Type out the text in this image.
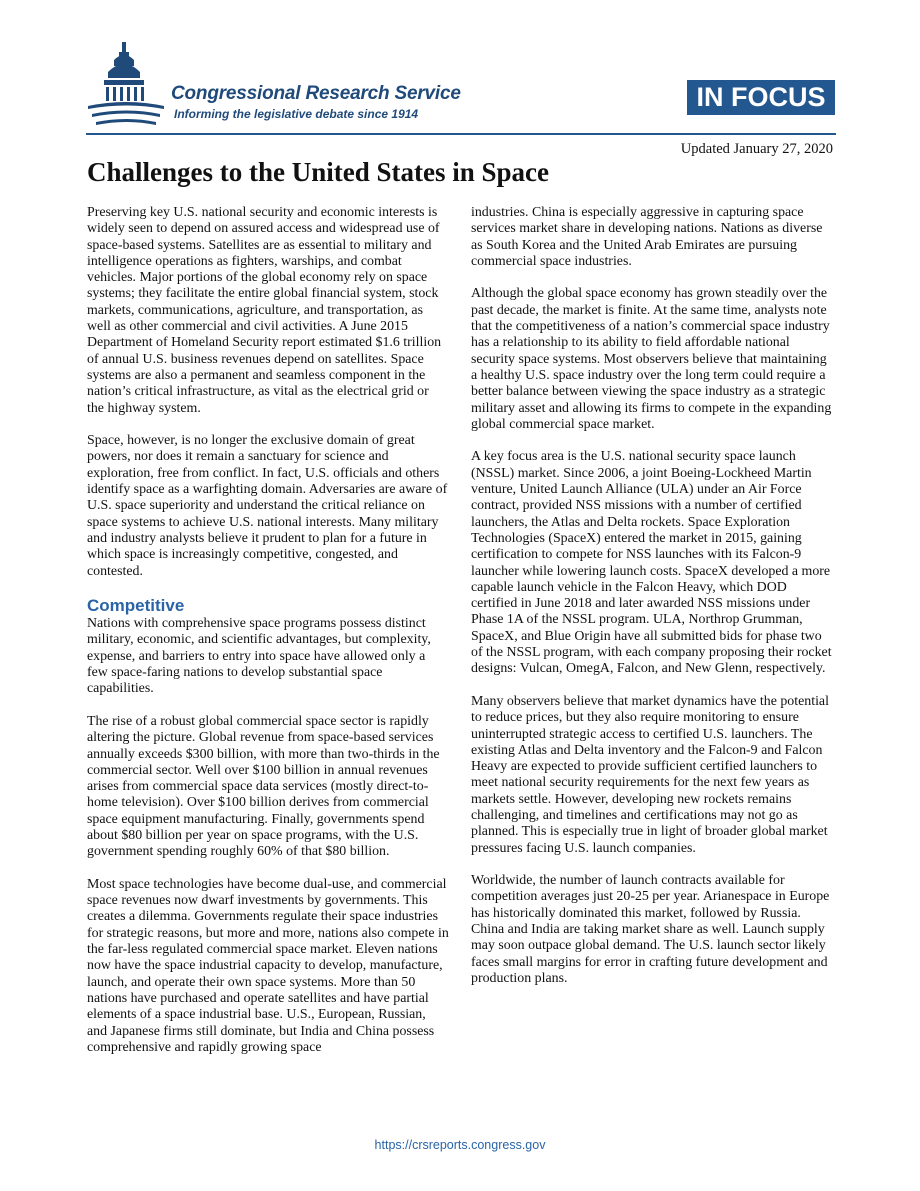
Congressional Research Service
Informing the legislative debate since 1914
IN FOCUS
Updated January 27, 2020
Challenges to the United States in Space

Preserving key U.S. national security and economic interests is widely seen to depend on assured access and widespread use of space-based systems. Satellites are as essential to military and intelligence operations as fighters, warships, and combat vehicles. Major portions of the global economy rely on space systems; they facilitate the entire global financial system, stock markets, communications, agriculture, and transportation, as well as other commercial and civil activities. A June 2015 Department of Homeland Security report estimated $1.6 trillion of annual U.S. business revenues depend on satellites. Space systems are also a permanent and seamless component in the nation’s critical infrastructure, as vital as the electrical grid or the highway system.

Space, however, is no longer the exclusive domain of great powers, nor does it remain a sanctuary for science and exploration, free from conflict. In fact, U.S. officials and others identify space as a warfighting domain. Adversaries are aware of U.S. space superiority and understand the critical reliance on space systems to achieve U.S. national interests. Many military and industry analysts believe it prudent to plan for a future in which space is increasingly competitive, congested, and contested.

Competitive

Nations with comprehensive space programs possess distinct military, economic, and scientific advantages, but complexity, expense, and barriers to entry into space have allowed only a few space-faring nations to develop substantial space capabilities.

The rise of a robust global commercial space sector is rapidly altering the picture. Global revenue from space-based services annually exceeds $300 billion, with more than two-thirds in the commercial sector. Well over $100 billion in annual revenues arises from commercial space data services (mostly direct-to-home television). Over $100 billion derives from commercial space equipment manufacturing. Finally, governments spend about $80 billion per year on space programs, with the U.S. government spending roughly 60% of that $80 billion.

Most space technologies have become dual-use, and commercial space revenues now dwarf investments by governments. This creates a dilemma. Governments regulate their space industries for strategic reasons, but more and more, nations also compete in the far-less regulated commercial space market. Eleven nations now have the space industrial capacity to develop, manufacture, launch, and operate their own space systems. More than 50 nations have purchased and operate satellites and have partial elements of a space industrial base. U.S., European, Russian, and Japanese firms still dominate, but India and China possess comprehensive and rapidly growing space

industries. China is especially aggressive in capturing space services market share in developing nations. Nations as diverse as South Korea and the United Arab Emirates are pursuing commercial space industries.

Although the global space economy has grown steadily over the past decade, the market is finite. At the same time, analysts note that the competitiveness of a nation’s commercial space industry has a relationship to its ability to field affordable national security space systems. Most observers believe that maintaining a healthy U.S. space industry over the long term could require a better balance between viewing the space industry as a strategic military asset and allowing its firms to compete in the expanding global commercial space market.

A key focus area is the U.S. national security space launch (NSSL) market. Since 2006, a joint Boeing-Lockheed Martin venture, United Launch Alliance (ULA) under an Air Force contract, provided NSS missions with a number of certified launchers, the Atlas and Delta rockets. Space Exploration Technologies (SpaceX) entered the market in 2015, gaining certification to compete for NSS launches with its Falcon-9 launcher while lowering launch costs. SpaceX developed a more capable launch vehicle in the Falcon Heavy, which DOD certified in June 2018 and later awarded NSS missions under Phase 1A of the NSSL program. ULA, Northrop Grumman, SpaceX, and Blue Origin have all submitted bids for phase two of the NSSL program, with each company proposing their rocket designs: Vulcan, OmegA, Falcon, and New Glenn, respectively.

Many observers believe that market dynamics have the potential to reduce prices, but they also require monitoring to ensure uninterrupted strategic access to certified U.S. launchers. The existing Atlas and Delta inventory and the Falcon-9 and Falcon Heavy are expected to provide sufficient certified launchers to meet national security requirements for the next few years as markets settle. However, developing new rockets remains challenging, and timelines and certifications may not go as planned. This is especially true in light of broader global market pressures facing U.S. launch companies.

Worldwide, the number of launch contracts available for competition averages just 20-25 per year. Arianespace in Europe has historically dominated this market, followed by Russia. China and India are taking market share as well. Launch supply may soon outpace global demand. The U.S. launch sector likely faces small margins for error in crafting future development and production plans.

https://crsreports.congress.gov
